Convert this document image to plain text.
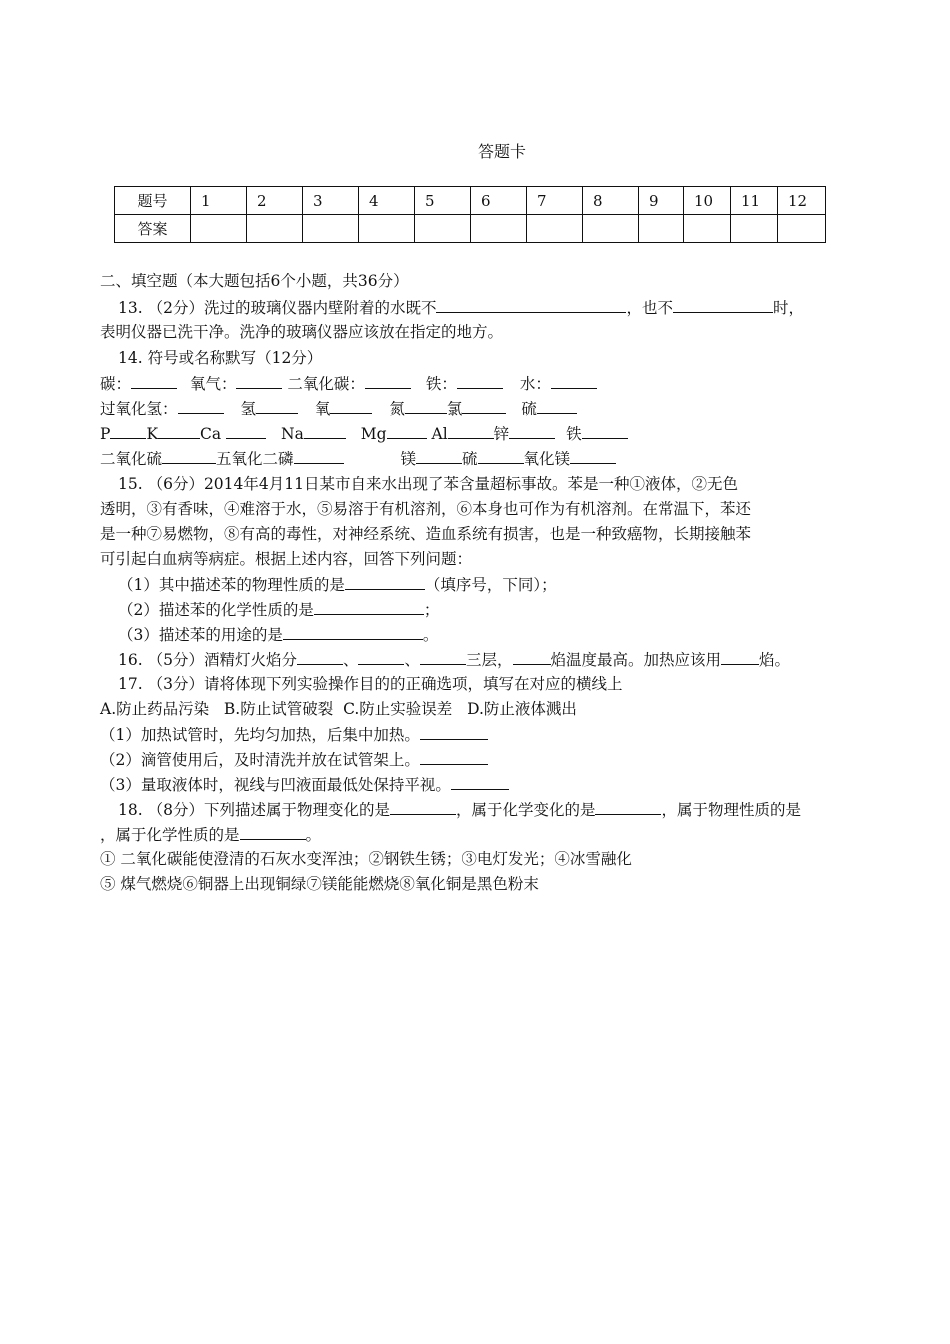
答题卡
题号	1	2	3	4	5	6	7	8	9	10	11	12
答案												
二、填空题（本大题包括6个小题，共36分）
13. （2分）洗过的玻璃仪器内壁附着的水既不	，也不	时，
表明仪器已洗干净。洗净的玻璃仪器应该放在指定的地方。
14. 符号或名称默写（12分）
碳：	氧气：	二氧化碳：	铁：	水：
过氧化氢：	氢	氧	氮	氯	硫
P K	Ca	Na	Mg	Al	锌	铁
二氧化硫	五氧化二磷	镁	硫	氧化镁
15. （6分）2014年4月11日某市自来水出现了苯含量超标事故。苯是一种①液体，②无色
透明，③有香味，④难溶于水，⑤易溶于有机溶剂，⑥本身也可作为有机溶剂。在常温下，苯还
是一种⑦易燃物，⑧有高的毒性，对神经系统、造血系统有损害，也是一种致癌物，长期接触苯
可引起白血病等病症。根据上述内容，回答下列问题：
（1）其中描述苯的物理性质的是	（填序号，下同）；
（2）描述苯的化学性质的是	；
（3）描述苯的用途的是	。
16. （5分）酒精灯火焰分	、	、	三层， 焰温度最高。加热应该用 焰。
17. （3分）请将体现下列实验操作目的的正确选项，填写在对应的横线上
A.防止药品污染   B.防止试管破裂  C.防止实验误差   D.防止液体溅出
（1）加热试管时，先均匀加热，后集中加热。
（2）滴管使用后，及时清洗并放在试管架上。
（3）量取液体时，视线与凹液面最低处保持平视。
18. （8分）下列描述属于物理变化的是	，属于化学变化的是	，属于物理性质的是
，属于化学性质的是	。
① 二氧化碳能使澄清的石灰水变浑浊；②钢铁生锈；③电灯发光；④冰雪融化
⑤ 煤气燃烧⑥铜器上出现铜绿⑦镁能能燃烧⑧氧化铜是黑色粉末
